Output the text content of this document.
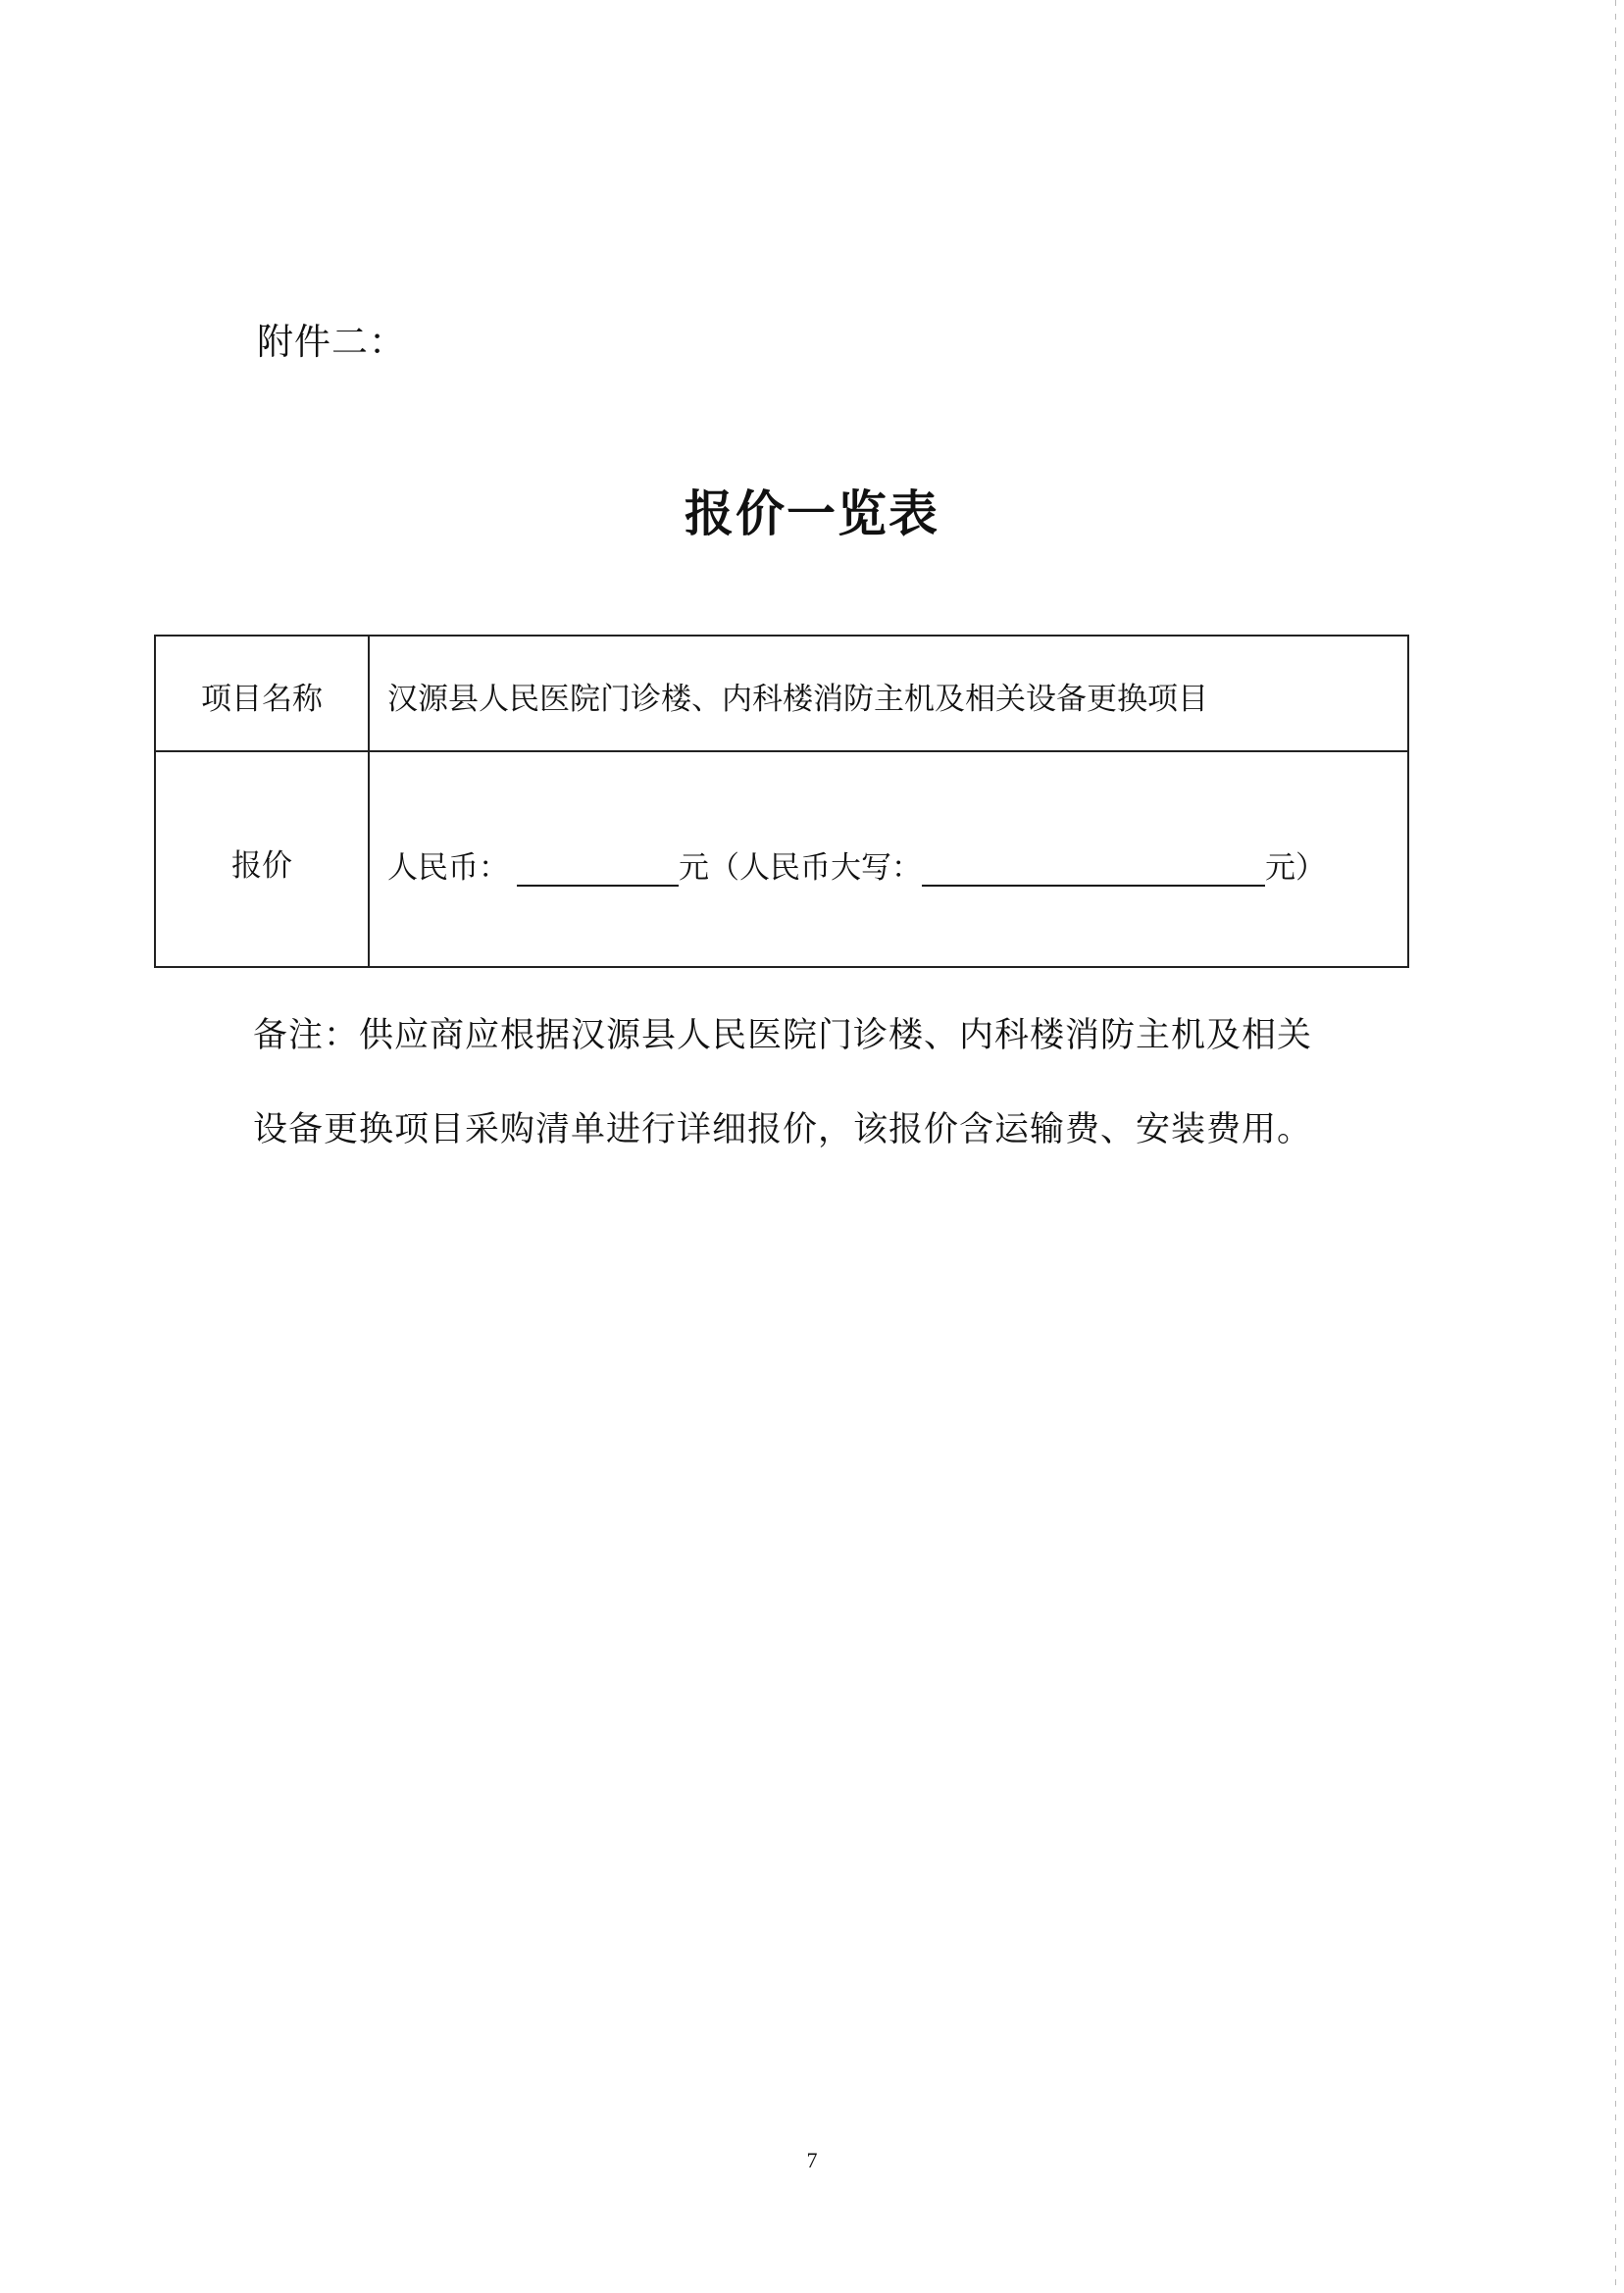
附件二：
报价一览表
项目名称	汉源县人民医院门诊楼、内科楼消防主机及相关设备更换项目
报价	人民币：	元（人民币大写：	元）
备注：供应商应根据汉源县人民医院门诊楼、内科楼消防主机及相关
设备更换项目采购清单进行详细报价，该报价含运输费、安装费用。
7
